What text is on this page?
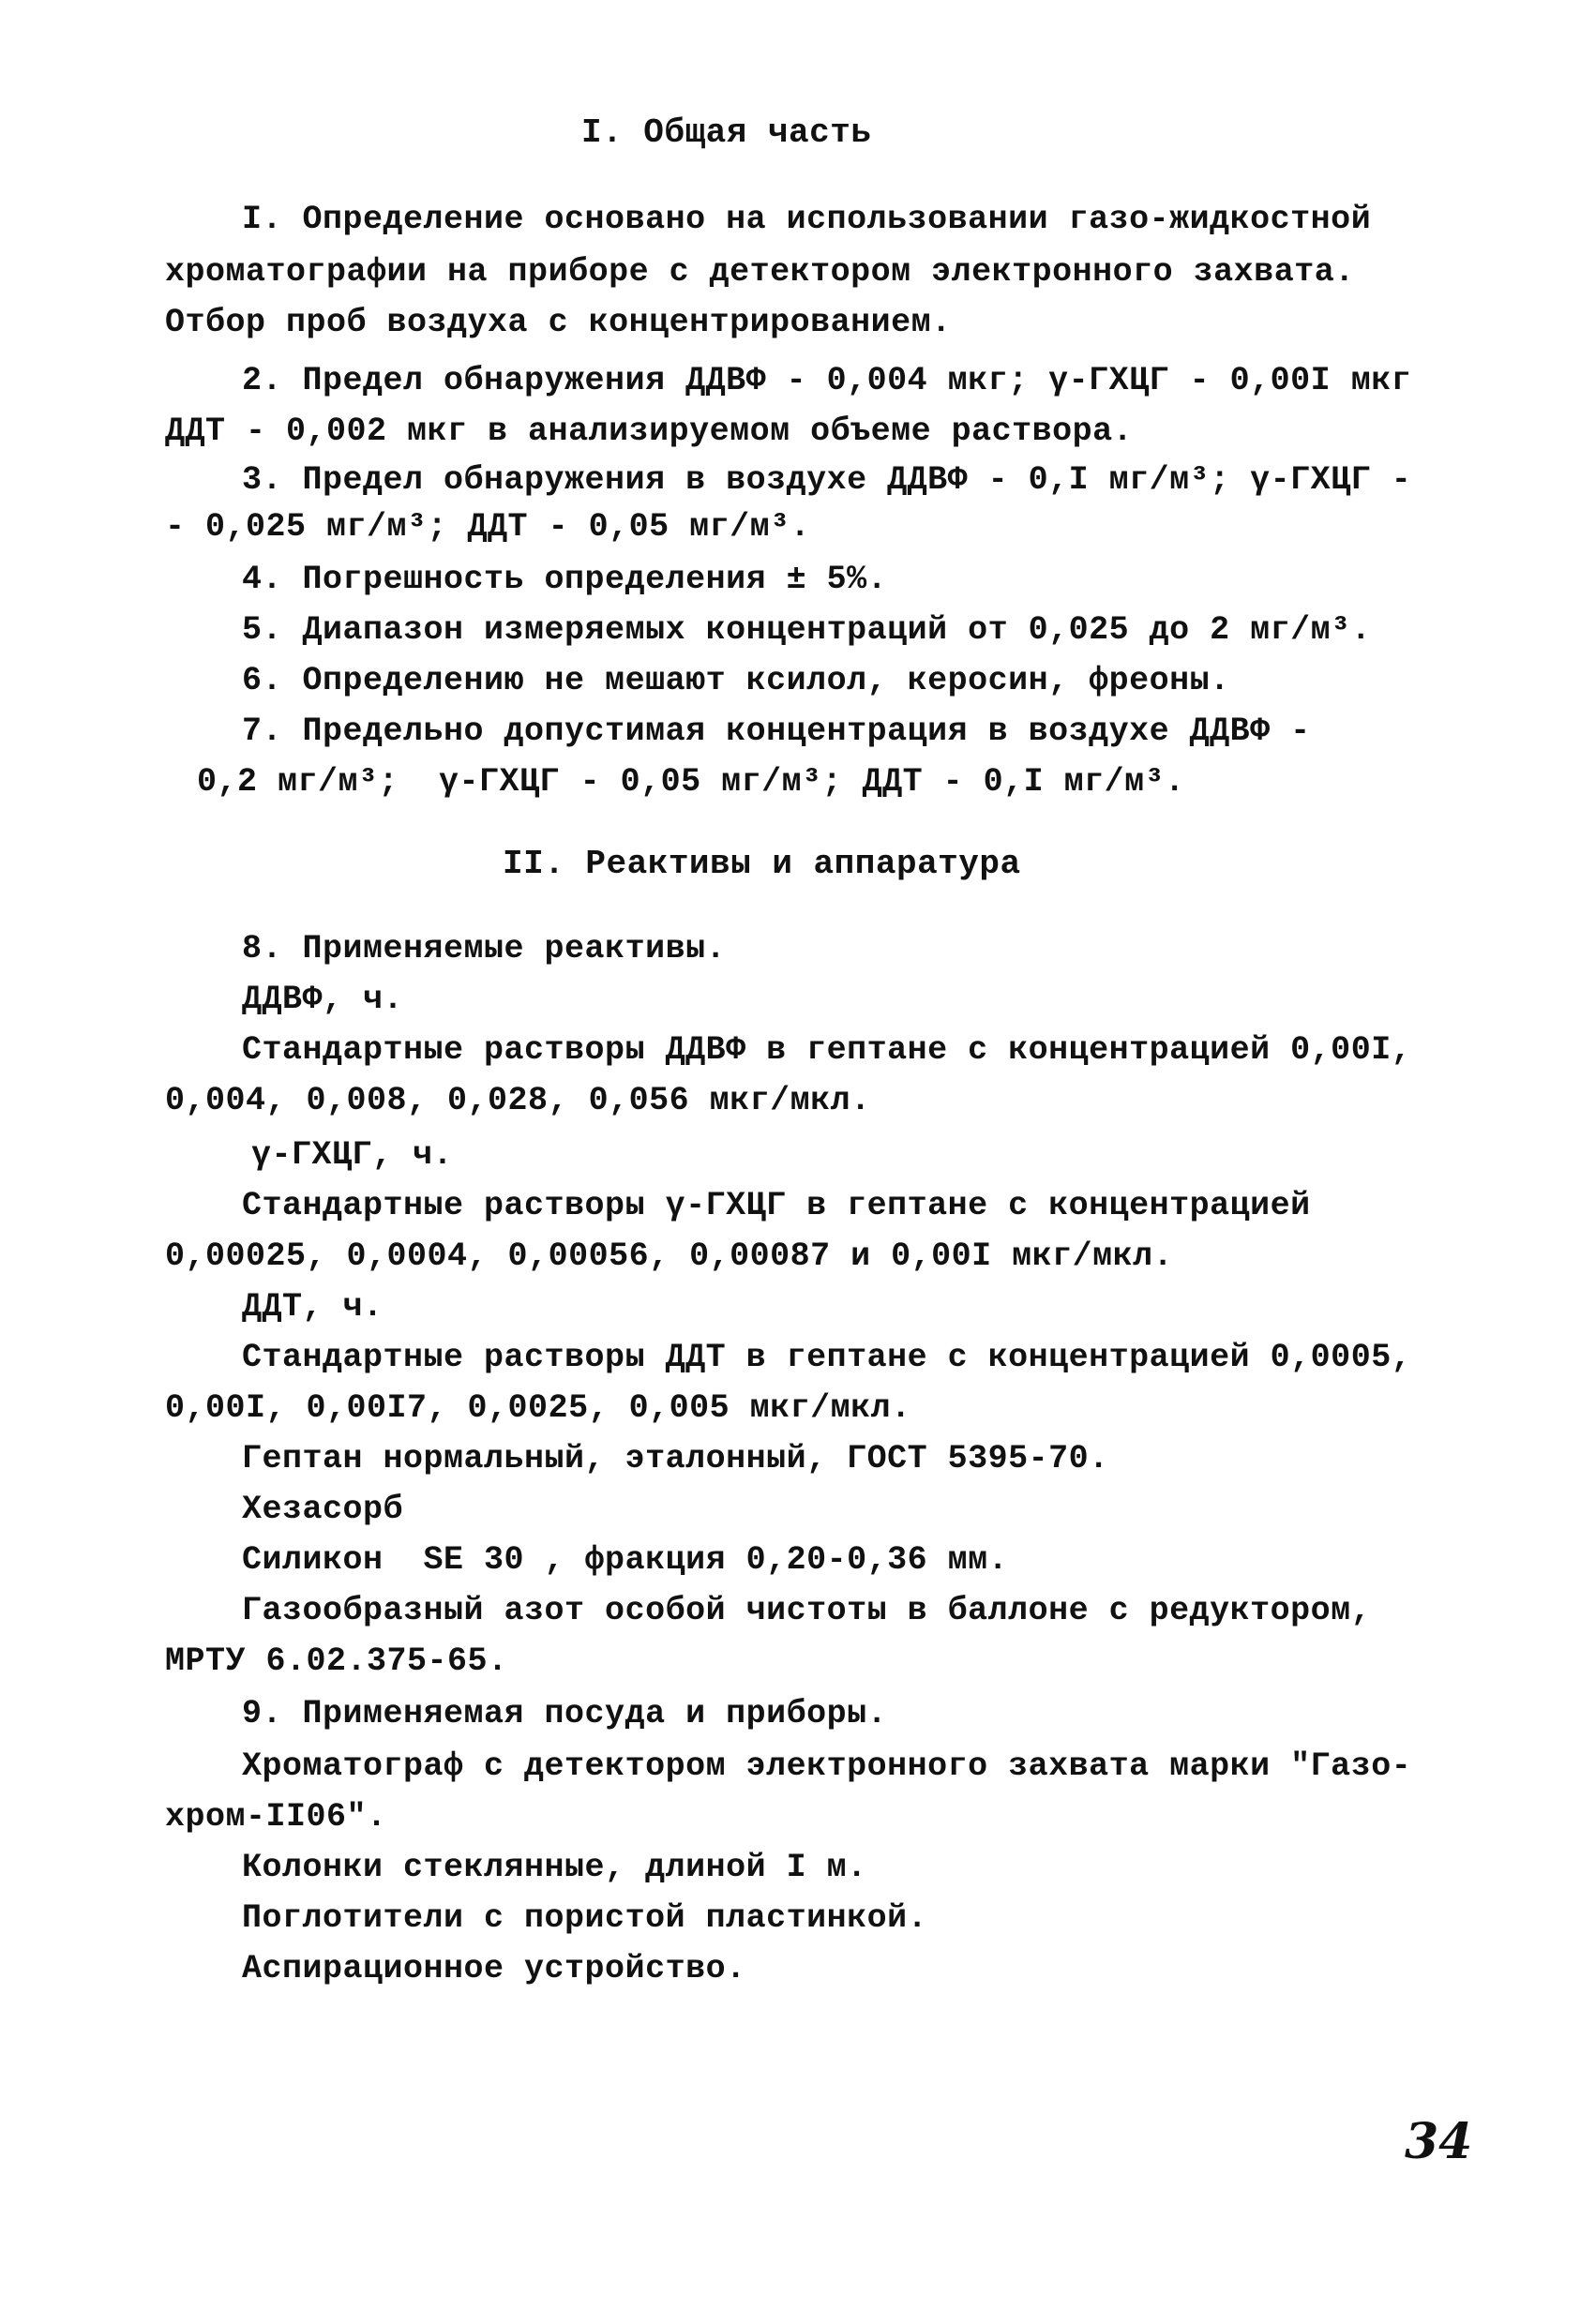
I. Общая часть
I. Определение основано на использовании газо-жидкостной
хроматографии на приборе с детектором электронного захвата.
Отбор проб воздуха с концентрированием.
2. Предел обнаружения ДДВФ - 0,004 мкг; γ-ГХЦГ - 0,00I мкг
ДДТ - 0,002 мкг в анализируемом объеме раствора.
3. Предел обнаружения в воздухе ДДВФ - 0,I мг/м³; γ-ГХЦГ -
- 0,025 мг/м³; ДДТ - 0,05 мг/м³.
4. Погрешность определения ± 5%.
5. Диапазон измеряемых концентраций от 0,025 до 2 мг/м³.
6. Определению не мешают ксилол, керосин, фреоны.
7. Предельно допустимая концентрация в воздухе ДДВФ -
0,2 мг/м³;  γ-ГХЦГ - 0,05 мг/м³; ДДТ - 0,I мг/м³.
II. Реактивы и аппаратура
8. Применяемые реактивы.
ДДВФ, ч.
Стандартные растворы ДДВФ в гептане с концентрацией 0,00I,
0,004, 0,008, 0,028, 0,056 мкг/мкл.
γ-ГХЦГ, ч.
Стандартные растворы γ-ГХЦГ в гептане с концентрацией
0,00025, 0,0004, 0,00056, 0,00087 и 0,00I мкг/мкл.
ДДТ, ч.
Стандартные растворы ДДТ в гептане с концентрацией 0,0005,
0,00I, 0,00I7, 0,0025, 0,005 мкг/мкл.
Гептан нормальный, эталонный, ГОСТ 5395-70.
Хезасорб
Силикон  SE 30 , фракция 0,20-0,36 мм.
Газообразный азот особой чистоты в баллоне с редуктором,
МРТУ 6.02.375-65.
9. Применяемая посуда и приборы.
Хроматограф с детектором электронного захвата марки "Газо-
хром-II06".
Колонки стеклянные, длиной I м.
Поглотители с пористой пластинкой.
Аспирационное устройство.
34
